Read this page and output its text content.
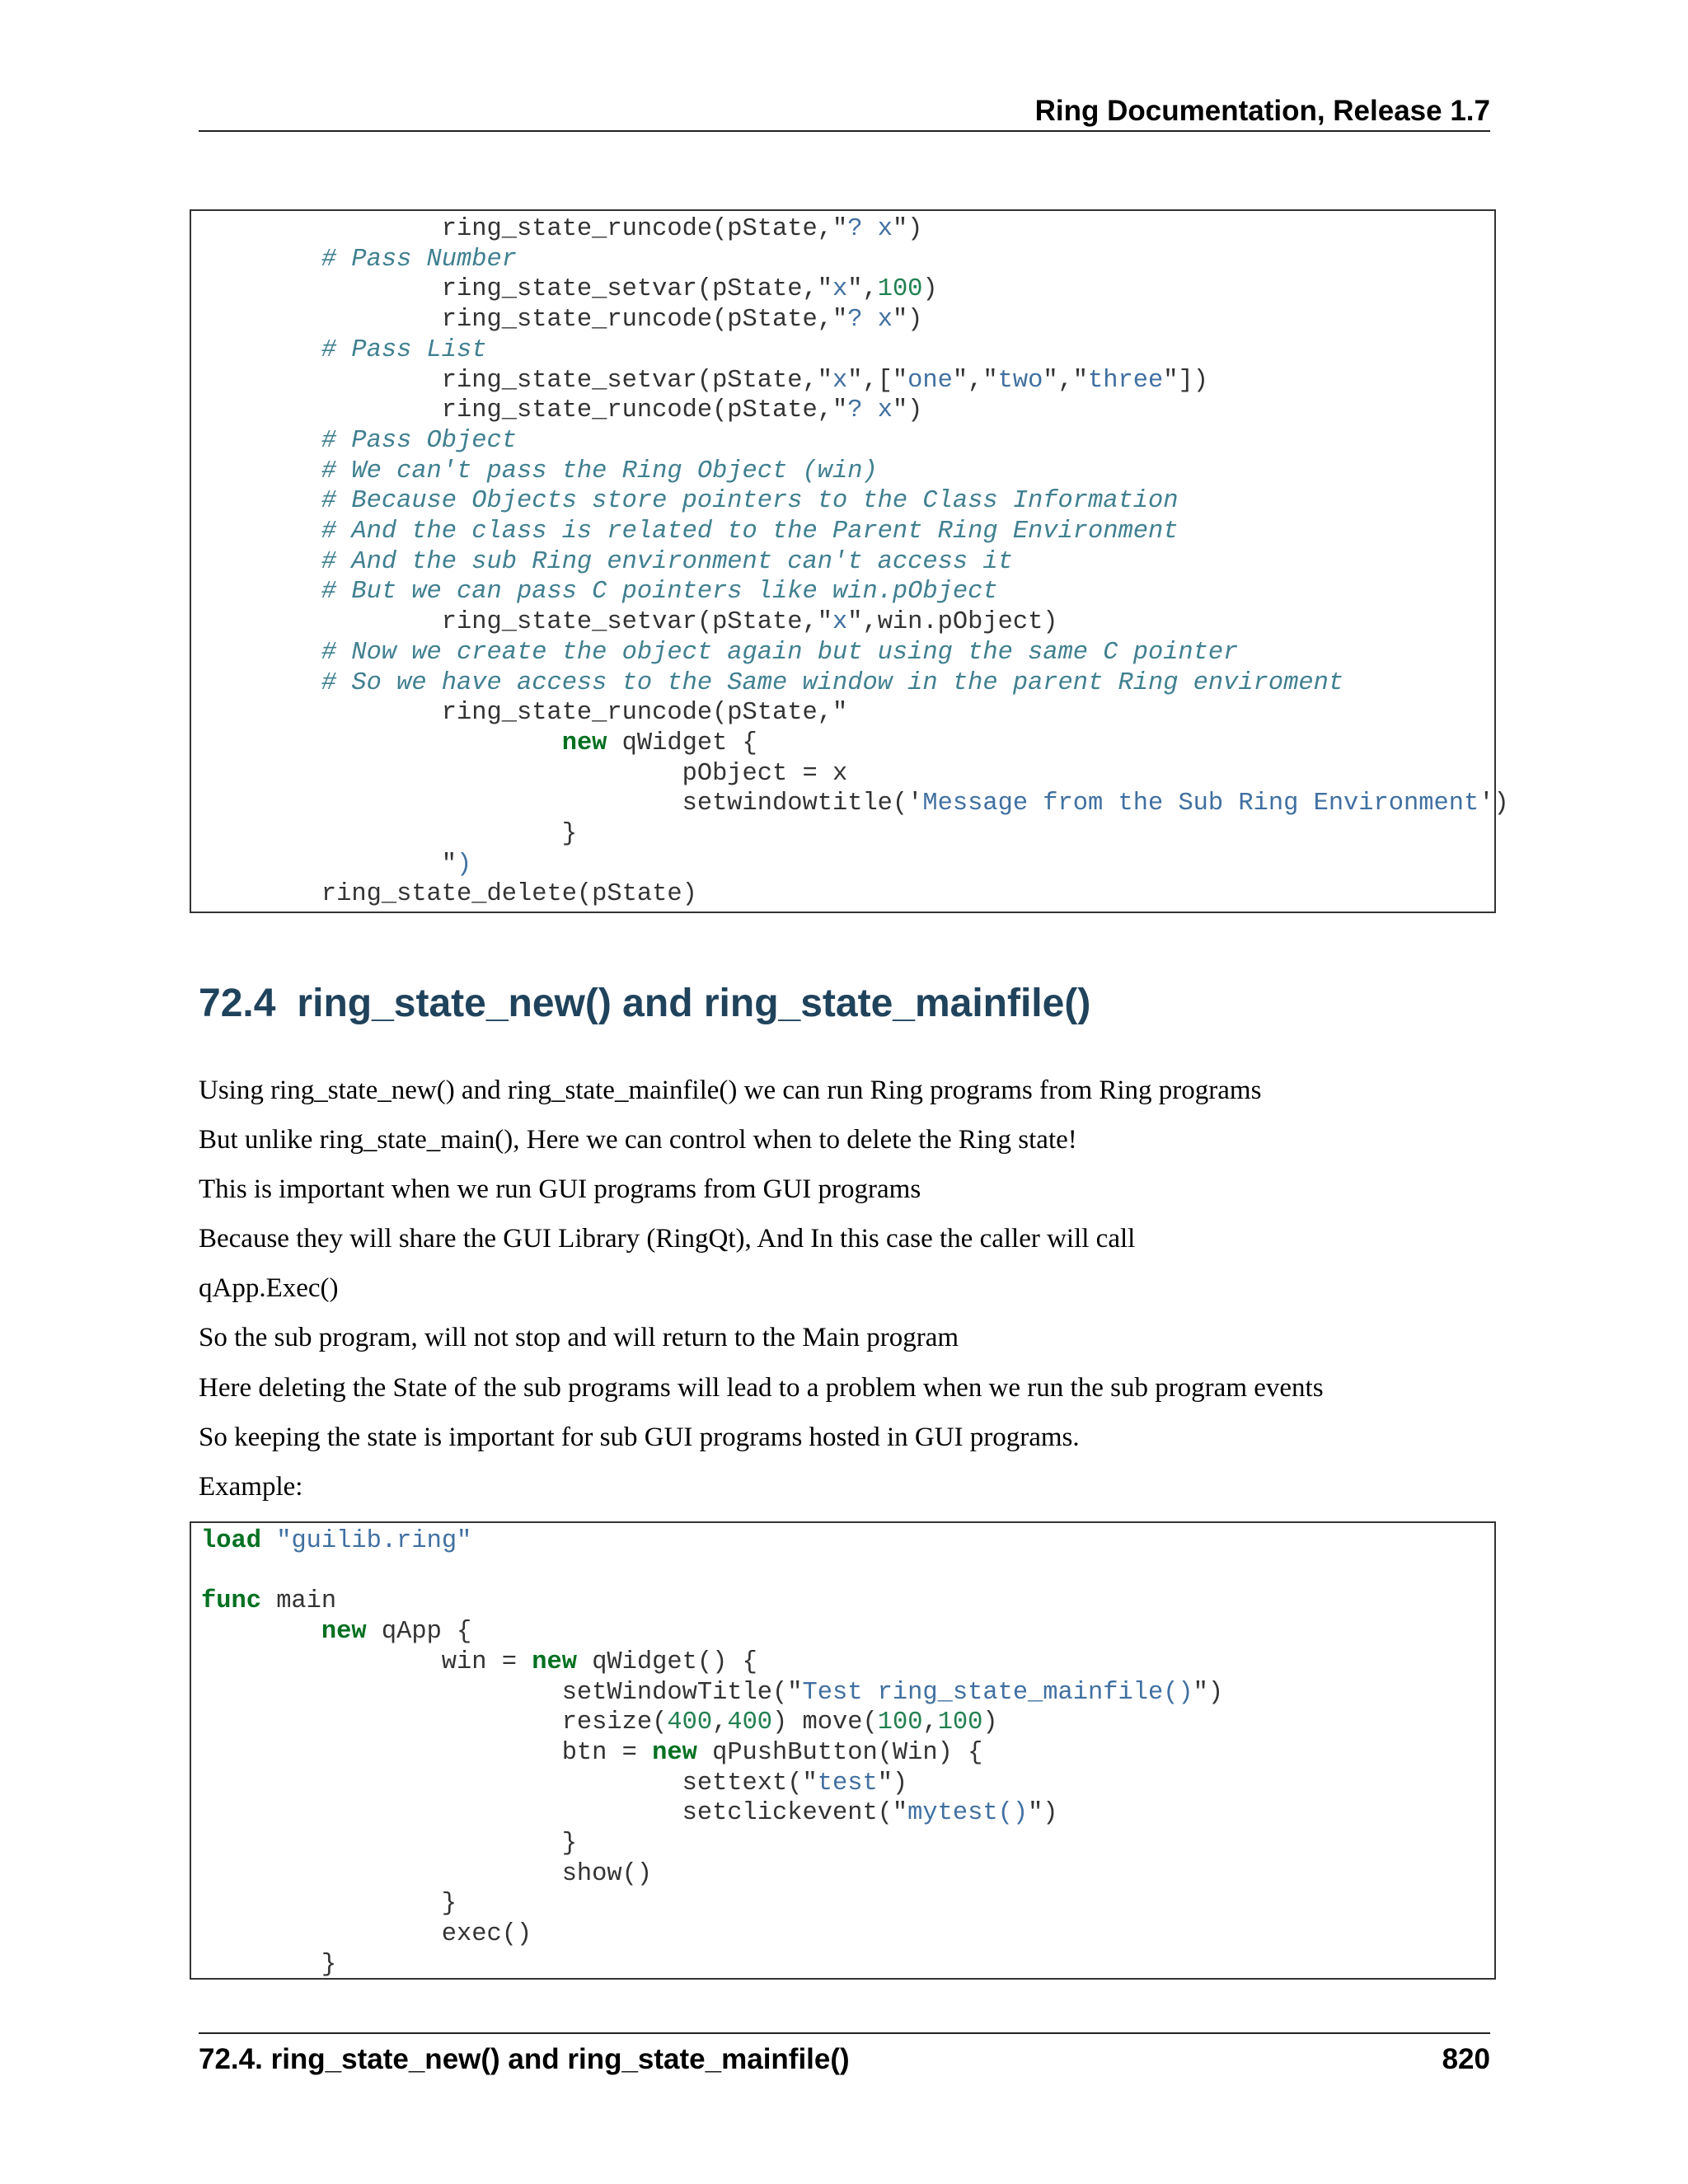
Ring Documentation, Release 1.7
ring_state_runcode(pState,"? x")
# Pass Number
ring_state_setvar(pState,"x",100)
ring_state_runcode(pState,"? x")
# Pass List
ring_state_setvar(pState,"x",["one","two","three"])
ring_state_runcode(pState,"? x")
# Pass Object
# We can't pass the Ring Object (win)
# Because Objects store pointers to the Class Information
# And the class is related to the Parent Ring Environment
# And the sub Ring environment can't access it
# But we can pass C pointers like win.pObject
ring_state_setvar(pState,"x",win.pObject)
# Now we create the object again but using the same C pointer
# So we have access to the Same window in the parent Ring enviroment
ring_state_runcode(pState,"
new qWidget {
pObject = x
setwindowtitle('Message from the Sub Ring Environment')
}
")
ring_state_delete(pState)
72.4 ring_state_new() and ring_state_mainfile()

Using ring_state_new() and ring_state_mainfile() we can run Ring programs from Ring programs

But unlike ring_state_main(), Here we can control when to delete the Ring state!

This is important when we run GUI programs from GUI programs

Because they will share the GUI Library (RingQt), And In this case the caller will call

qApp.Exec()

So the sub program, will not stop and will return to the Main program

Here deleting the State of the sub programs will lead to a problem when we run the sub program events

So keeping the state is important for sub GUI programs hosted in GUI programs.

Example:

load "guilib.ring"

func main
new qApp {
win = new qWidget() {
setWindowTitle("Test ring_state_mainfile()")
resize(400,400) move(100,100)
btn = new qPushButton(Win) {
settext("test")
setclickevent("mytest()")
}
show()
}
exec()
}
72.4. ring_state_new() and ring_state_mainfile()	820
